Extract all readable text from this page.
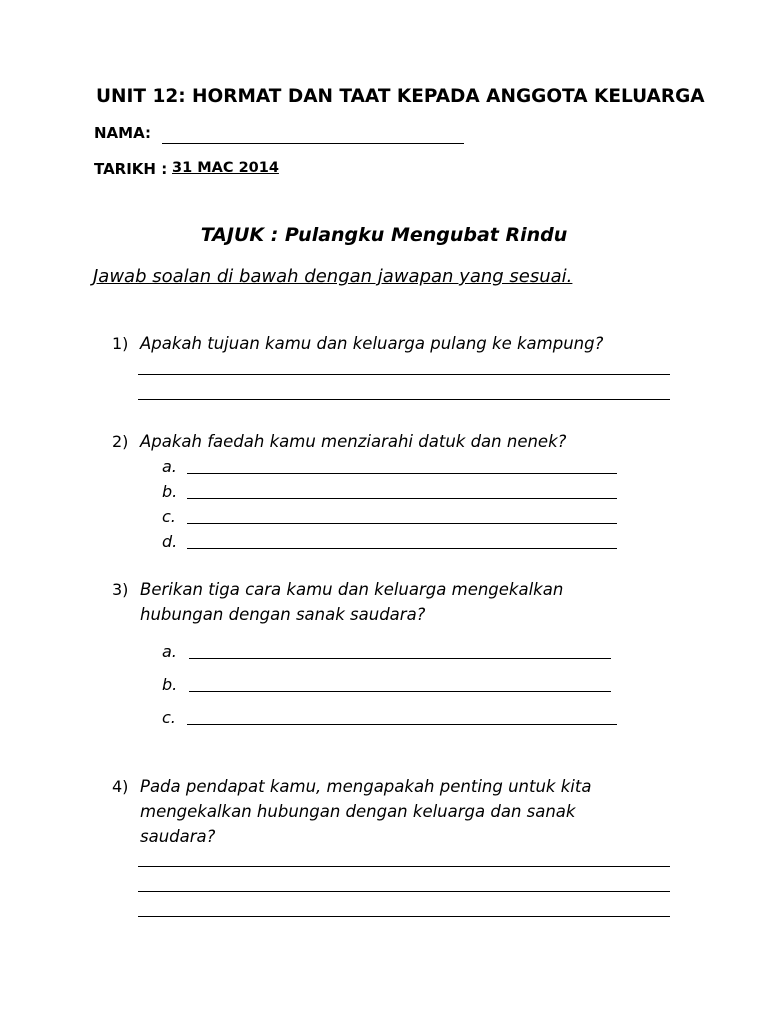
UNIT 12: HORMAT DAN TAAT KEPADA ANGGOTA KELUARGA
NAMA:
TARIKH : 31 MAC 2014
TAJUK : Pulangku Mengubat Rindu
Jawab soalan di bawah dengan jawapan yang sesuai.
1) Apakah tujuan kamu dan keluarga pulang ke kampung?
2) Apakah faedah kamu menziarahi datuk dan nenek?
a.
b.
c.
d.
3) Berikan tiga cara kamu dan keluarga mengekalkan
hubungan dengan sanak saudara?
a.
b.
c.
4) Pada pendapat kamu, mengapakah penting untuk kita
mengekalkan hubungan dengan keluarga dan sanak
saudara?
